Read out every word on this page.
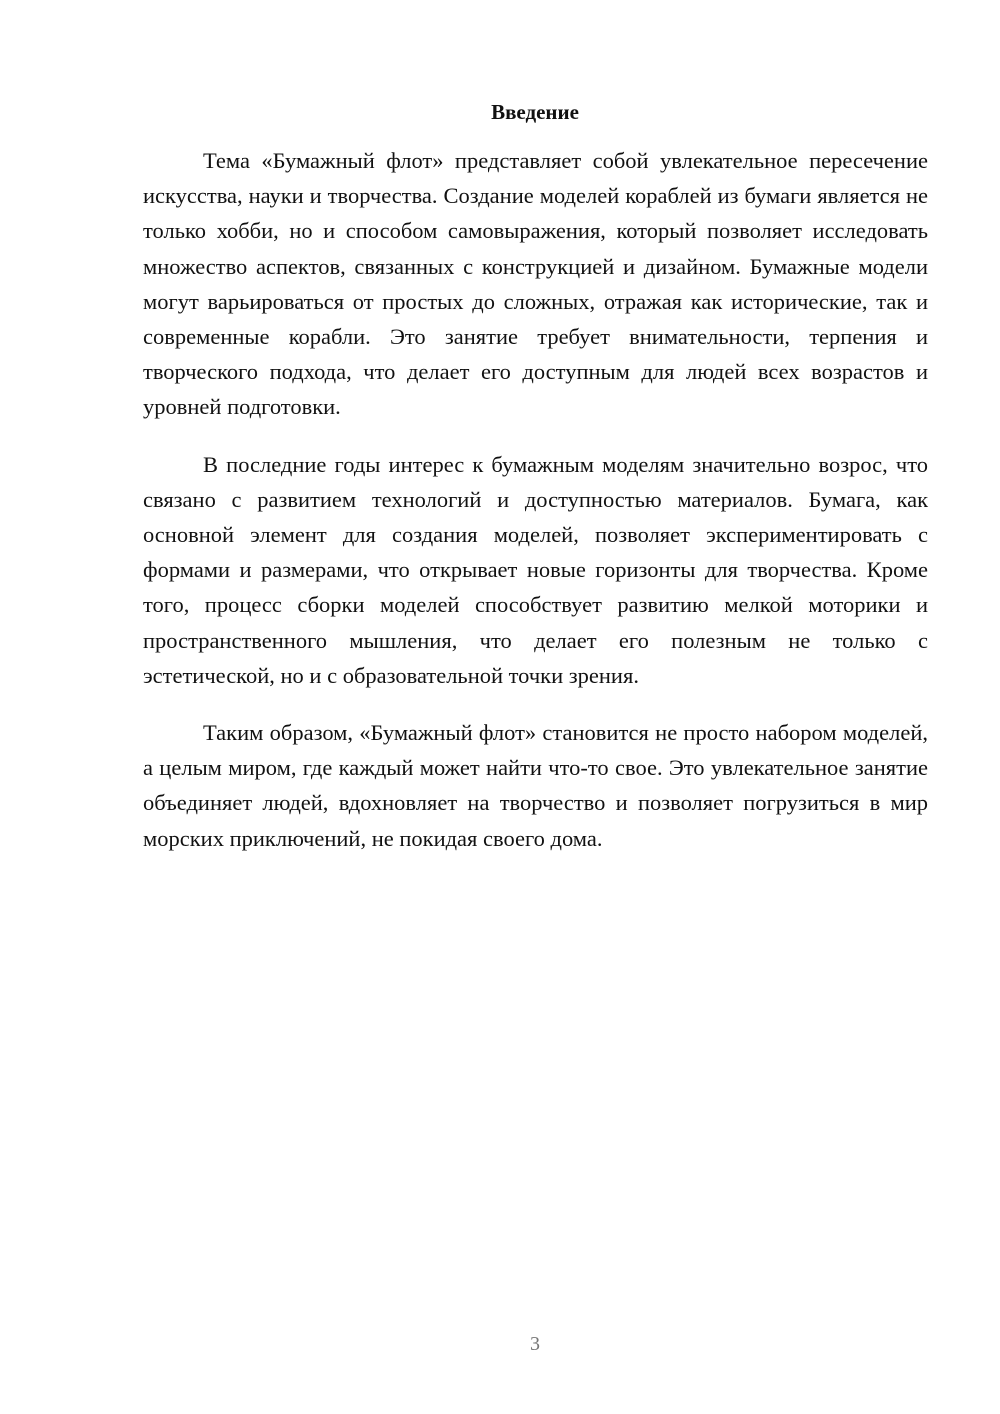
Введение

Тема «Бумажный флот» представляет собой увлекательное пересечение искусства, науки и творчества. Создание моделей кораблей из бумаги является не только хобби, но и способом самовыражения, который позволяет исследовать множество аспектов, связанных с конструкцией и дизайном. Бумажные модели могут варьироваться от простых до сложных, отражая как исторические, так и современные корабли. Это занятие требует внимательности, терпения и творческого подхода, что делает его доступным для людей всех возрастов и уровней подготовки.

В последние годы интерес к бумажным моделям значительно возрос, что связано с развитием технологий и доступностью материалов. Бумага, как основной элемент для создания моделей, позволяет экспериментировать с формами и размерами, что открывает новые горизонты для творчества. Кроме того, процесс сборки моделей способствует развитию мелкой моторики и пространственного мышления, что делает его полезным не только с эстетической, но и с образовательной точки зрения.

Таким образом, «Бумажный флот» становится не просто набором моделей, а целым миром, где каждый может найти что-то свое. Это увлекательное занятие объединяет людей, вдохновляет на творчество и позволяет погрузиться в мир морских приключений, не покидая своего дома.

3
